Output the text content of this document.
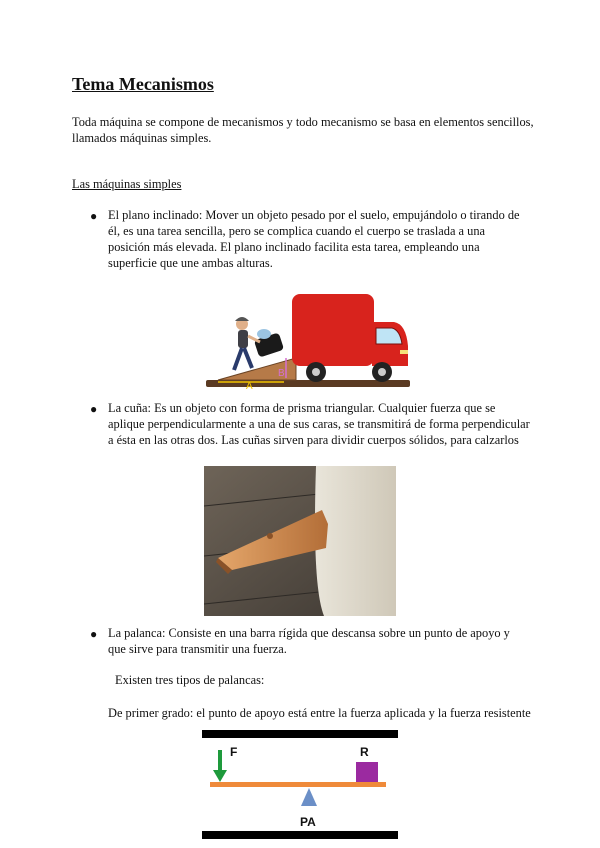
Tema Mecanismos

Toda máquina se compone de mecanismos y todo mecanismo se basa en elementos sencillos, llamados máquinas simples.

Las máquinas simples
● El plano inclinado: Mover un objeto pesado por el suelo, empujándolo o tirando de él, es una tarea sencilla, pero se complica cuando el cuerpo se traslada a una posición más elevada. El plano inclinado facilita esta tarea, empleando una superficie que une ambas alturas.

A
B
● La cuña: Es un objeto con forma de prisma triangular. Cualquier fuerza que se aplique perpendicularmente a una de sus caras, se transmitirá de forma perpendicular a ésta en las otras dos. Las cuñas sirven para dividir cuerpos sólidos, para calzarlos

● La palanca: Consiste en una barra rígida que descansa sobre un punto de apoyo y que sirve para transmitir una fuerza.

Existen tres tipos de palancas:

De primer grado: el punto de apoyo está entre la fuerza aplicada y la fuerza resistente

F	R
PA
